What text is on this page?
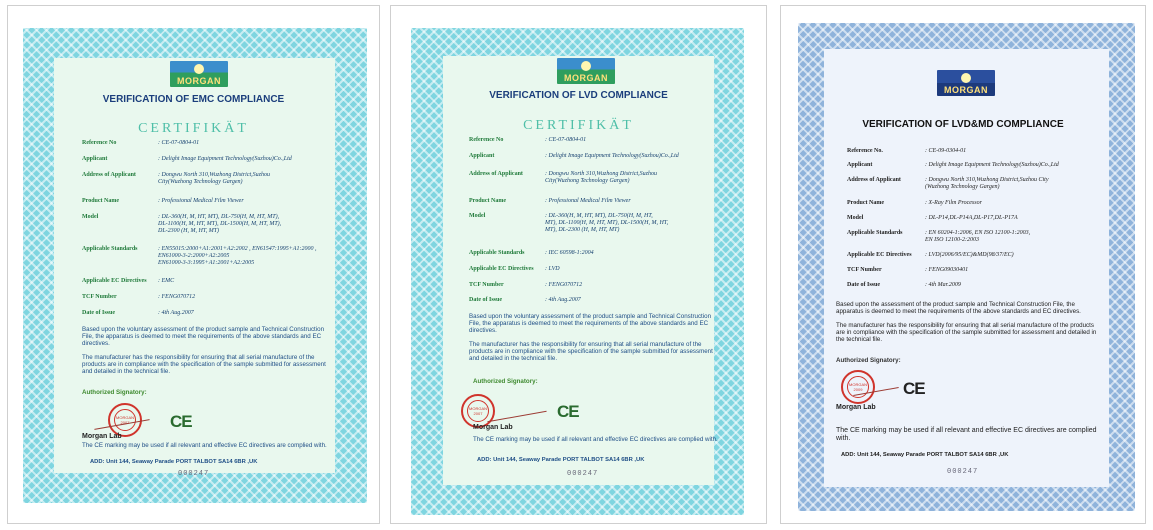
MORGAN
VERIFICATION OF EMC COMPLIANCE
CERTIFIKÄT
Reference No	: CE-07-0804-01
Applicant	: Delight Image Equipment Technology(Suzhou)Co.,Ltd
Address of Applicant	: Dongwu North 310,Wuzhong District,Suzhou
City(Wuzhong Technology Gargen)
Product Name	: Professional Medical Film Viewer
Model	: DL-360(H, M, HT, MT), DL-750(H, M, HT, MT),
DL-1100(H, M, HT, MT), DL-1500(H, M, HT, MT),
DL-2300 (H, M, HT, MT)
Applicable Standards	: EN55015:2000+A1:2001+A2:2002 , EN61547:1995+A1:2000 ,
EN61000-3-2:2000+A2:2005
EN61000-3-3:1995+A1:2001+A2:2005
Applicable EC Directives : EMC
TCF Number	: FENG070712
Date of Issue	: 4th Aug.2007
Based upon the voluntary assessment of the product sample and Technical Construction File, the apparatus is deemed to meet the requirements of the above standards and EC directives.
The manufacturer has the responsibility for ensuring that all serial manufacture of the products are in compliance with the specification of the sample submitted for assessment and detailed in the technical file.
Authorized Signatory:
MORGAN 2007	CE
Morgan Lab
The CE marking may be used if all relevant and effective EC directives are complied with.
ADD: Unit 144, Seaway Parade PORT TALBOT SA14 6BR ,UK
000247
MORGAN
VERIFICATION OF LVD COMPLIANCE
CERTIFIKÄT
Reference No	: CE-07-0804-01
Applicant	: Delight Image Equipment Technology(Suzhou)Co.,Ltd
Address of Applicant	: Dongwu North 310,Wuzhong District,Suzhou
City(Wuzhong Technology Gargen)
Product Name	: Professional Medical Film Viewer
Model	: DL-360(H, M, HT, MT), DL-750(H, M, HT,
MT), DL-1100(H, M, HT, MT), DL-1500(H, M, HT,
MT), DL-2300 (H, M, HT, MT)
Applicable Standards	: IEC 60598-1:2004
Applicable EC Directives : LVD
TCF Number	: FENG070712
Date of Issue	: 4th Aug.2007
Based upon the voluntary assessment of the product sample and Technical Construction File, the apparatus is deemed to meet the requirements of the above standards and EC directives.
The manufacturer has the responsibility for ensuring that all serial manufacture of the products are in compliance with the specification of the sample submitted for assessment and detailed in the technical file.
Authorized Signatory:
MORGAN 2007	CE
Morgan Lab
The CE marking may be used if all relevant and effective EC directives are complied with.
ADD: Unit 144, Seaway Parade PORT TALBOT SA14 6BR ,UK
000247
MORGAN
VERIFICATION OF LVD&MD COMPLIANCE
Reference No.	: CE-09-0304-01
Applicant	: Delight Image Equipment Technology(Suzhou)Co.,Ltd
Address of Applicant	: Dongwu North 310,Wuzhong District,Suzhou City
(Wuzhong Technology Gargen)
Product Name	: X-Ray Film Processor
Model	: DL-P14,DL-P14A,DL-P17,DL-P17A
Applicable Standards	: EN 60204-1:2006, EN ISO 12100-1:2003,
EN ISO 12100-2:2003
Applicable EC Directives : LVD(2006/95/EC)&MD(98/37/EC)
TCF Number	: FENG09030401
Date of Issue	: 4th Mar.2009
Based upon the assessment of the product sample and Technical Construction File, the apparatus is deemed to meet the requirements of the above standards and EC directives.
The manufacturer has the responsibility for ensuring that all serial manufacture of the products are in compliance with the specification of the sample submitted for assessment and detailed in the technical file.
Authorized Signatory:
MORGAN 2009	CE
Morgan Lab
The CE marking may be used if all relevant and effective EC directives are complied with.
ADD: Unit 144, Seaway Parade PORT TALBOT SA14 6BR ,UK
000247
